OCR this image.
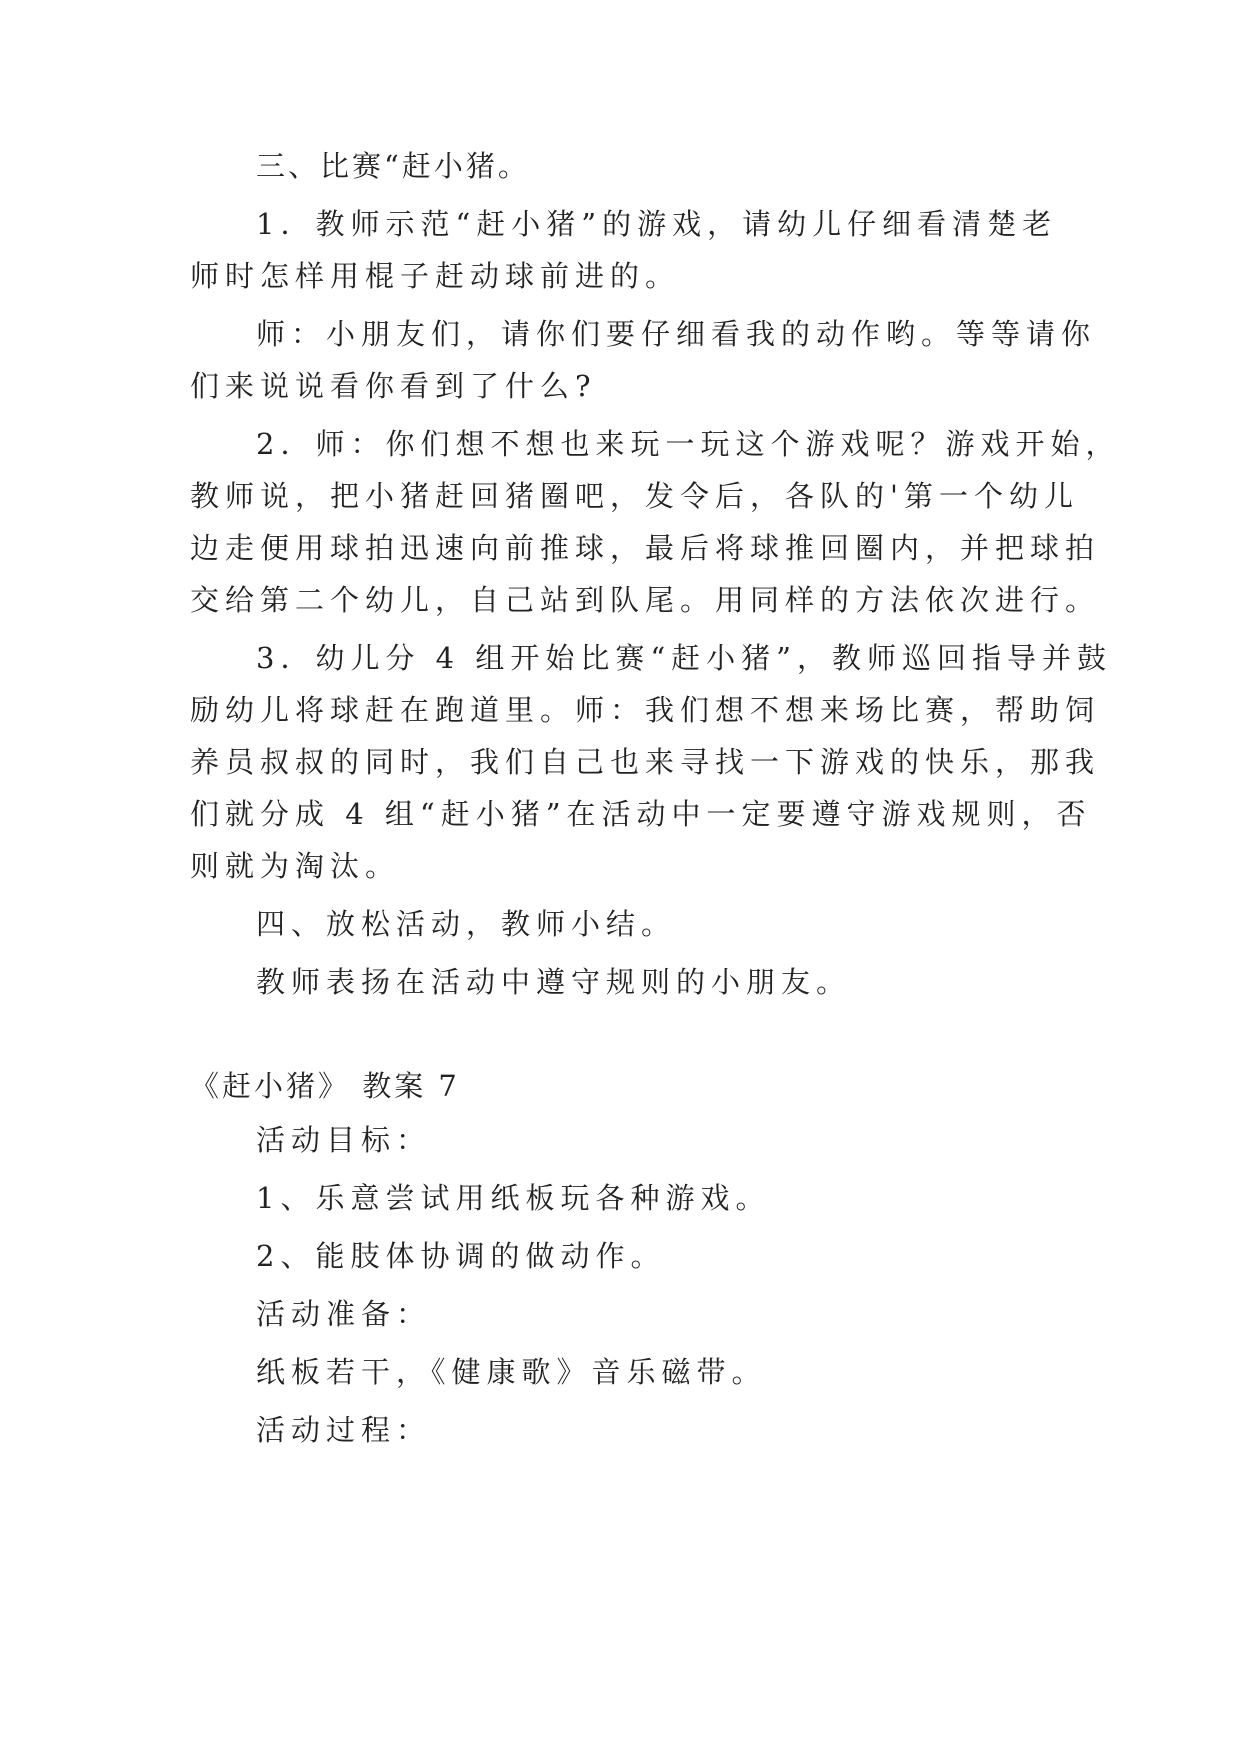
三、比赛“赶小猪。
1．教师示范“赶小猪”的游戏，请幼儿仔细看清楚老
师时怎样用棍子赶动球前进的。
师：小朋友们，请你们要仔细看我的动作哟。等等请你
们来说说看你看到了什么?
2．师：你们想不想也来玩一玩这个游戏呢？游戏开始，
教师说，把小猪赶回猪圈吧，发令后，各队的'第一个幼儿
边走便用球拍迅速向前推球，最后将球推回圈内，并把球拍
交给第二个幼儿，自己站到队尾。用同样的方法依次进行。
3．幼儿分 4 组开始比赛“赶小猪”，教师巡回指导并鼓
励幼儿将球赶在跑道里。师：我们想不想来场比赛，帮助饲
养员叔叔的同时，我们自己也来寻找一下游戏的快乐，那我
们就分成 4 组“赶小猪”在活动中一定要遵守游戏规则，否
则就为淘汰。
四、放松活动，教师小结。
教师表扬在活动中遵守规则的小朋友。
《赶小猪》 教案 7
活动目标：
1、乐意尝试用纸板玩各种游戏。
2、能肢体协调的做动作。
活动准备：
纸板若干，《健康歌》音乐磁带。
活动过程：
